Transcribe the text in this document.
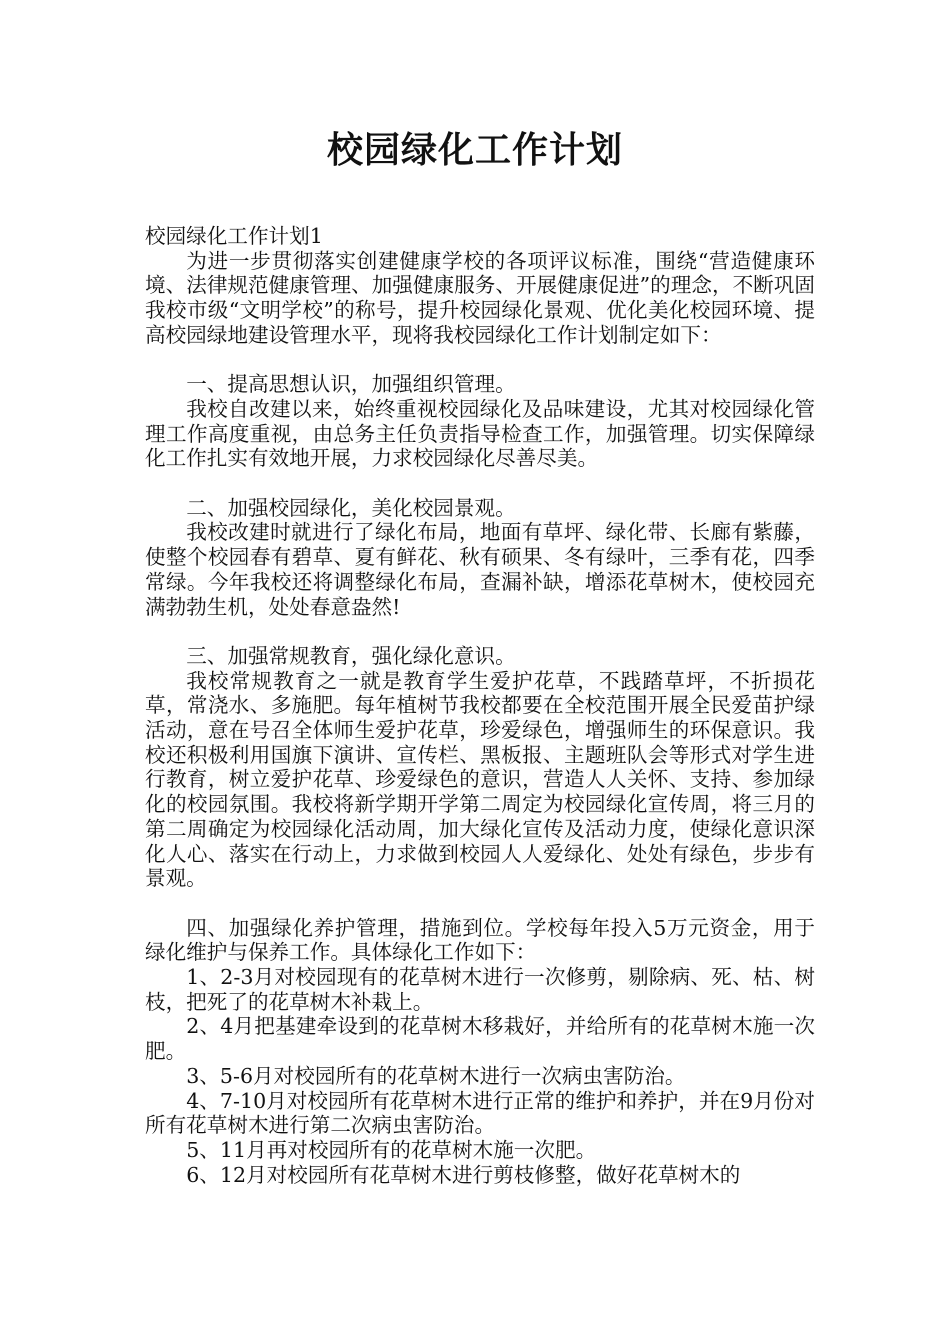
校园绿化工作计划

校园绿化工作计划1

为进一步贯彻落实创建健康学校的各项评议标准，围绕“营造健康环境、法律规范健康管理、加强健康服务、开展健康促进”的理念，不断巩固我校市级“文明学校”的称号，提升校园绿化景观、优化美化校园环境、提高校园绿地建设管理水平，现将我校园绿化工作计划制定如下：

一、提高思想认识，加强组织管理。

我校自改建以来，始终重视校园绿化及品味建设，尤其对校园绿化管理工作高度重视，由总务主任负责指导检查工作，加强管理。切实保障绿化工作扎实有效地开展，力求校园绿化尽善尽美。

二、加强校园绿化，美化校园景观。

我校改建时就进行了绿化布局，地面有草坪、绿化带、长廊有紫藤，使整个校园春有碧草、夏有鲜花、秋有硕果、冬有绿叶，三季有花，四季常绿。今年我校还将调整绿化布局，查漏补缺，增添花草树木，使校园充满勃勃生机，处处春意盎然!

三、加强常规教育，强化绿化意识。

我校常规教育之一就是教育学生爱护花草，不践踏草坪，不折损花草，常浇水、多施肥。每年植树节我校都要在全校范围开展全民爱苗护绿活动，意在号召全体师生爱护花草，珍爱绿色，增强师生的环保意识。我校还积极利用国旗下演讲、宣传栏、黑板报、主题班队会等形式对学生进行教育，树立爱护花草、珍爱绿色的意识，营造人人关怀、支持、参加绿化的校园氛围。我校将新学期开学第二周定为校园绿化宣传周，将三月的第二周确定为校园绿化活动周，加大绿化宣传及活动力度，使绿化意识深化人心、落实在行动上，力求做到校园人人爱绿化、处处有绿色，步步有景观。

四、加强绿化养护管理，措施到位。学校每年投入5万元资金，用于绿化维护与保养工作。具体绿化工作如下：

1、2-3月对校园现有的花草树木进行一次修剪，剔除病、死、枯、树枝，把死了的花草树木补栽上。

2、4月把基建牵设到的花草树木移栽好，并给所有的花草树木施一次肥。

3、5-6月对校园所有的花草树木进行一次病虫害防治。

4、7-10月对校园所有花草树木进行正常的维护和养护，并在9月份对所有花草树木进行第二次病虫害防治。

5、11月再对校园所有的花草树木施一次肥。

6、12月对校园所有花草树木进行剪枝修整，做好花草树木的
